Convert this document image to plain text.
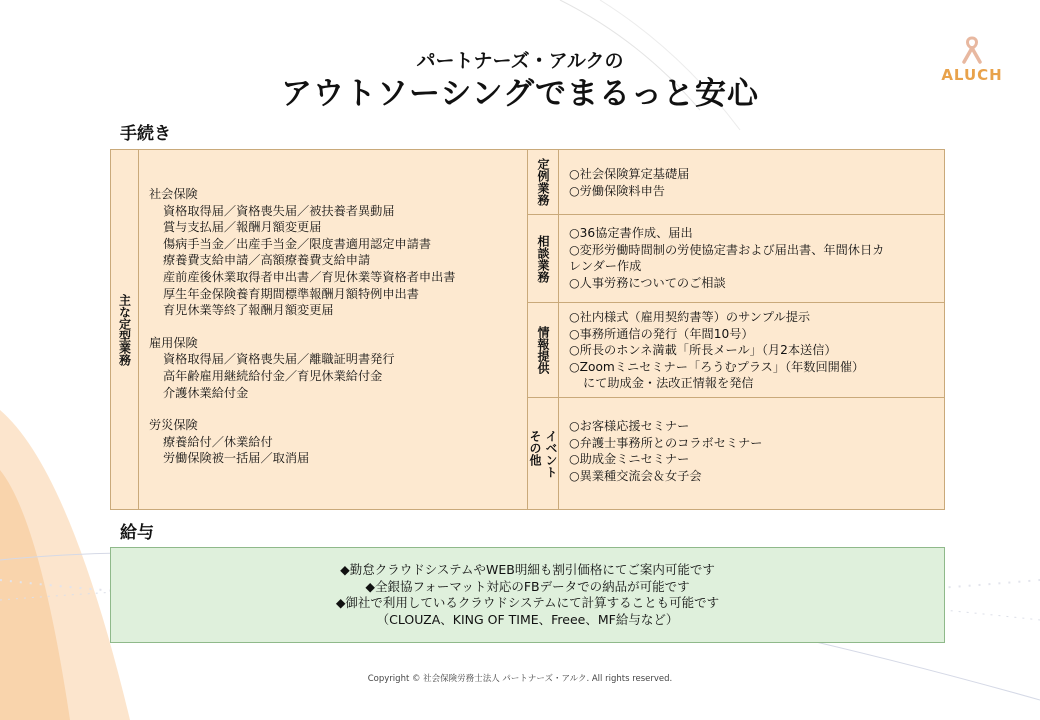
パートナーズ・アルクの
アウトソーシングでまるっと安心
ALUCH
手続き
主な定型業務
社会保険
資格取得届／資格喪失届／被扶養者異動届
賞与支払届／報酬月額変更届
傷病手当金／出産手当金／限度書適用認定申請書
療養費支給申請／高額療養費支給申請
産前産後休業取得者申出書／育児休業等資格者申出書
厚生年金保険養育期間標準報酬月額特例申出書
育児休業等終了報酬月額変更届
雇用保険
資格取得届／資格喪失届／離職証明書発行
高年齢雇用継続給付金／育児休業給付金
介護休業給付金
労災保険
療養給付／休業給付
労働保険被一括届／取消届
定例業務 ○社会保険算定基礎届
○労働保険料申告
相談業務
○36協定書作成、届出
○変形労働時間制の労使協定書および届出書、年間休日カ
レンダー作成
○人事労務についてのご相談
情報提供
○社内様式（雇用契約書等）のサンプル提示
○事務所通信の発行（年間10号）
○所長のホンネ満載「所長メール」（月2本送信）
○Zoomミニセミナー「ろうむプラス」（年数回開催）
にて助成金・法改正情報を発信
イベント
その他
○お客様応援セミナー
○弁護士事務所とのコラボセミナー
○助成金ミニセミナー
○異業種交流会＆女子会
給与
◆勤怠クラウドシステムやWEB明細も割引価格にてご案内可能です
◆全銀協フォーマット対応のFBデータでの納品が可能です
◆御社で利用しているクラウドシステムにて計算することも可能です
（CLOUZA、KING OF TIME、Freee、MF給与など）
Copyright © 社会保険労務士法人 パートナーズ・アルク. All rights reserved.
